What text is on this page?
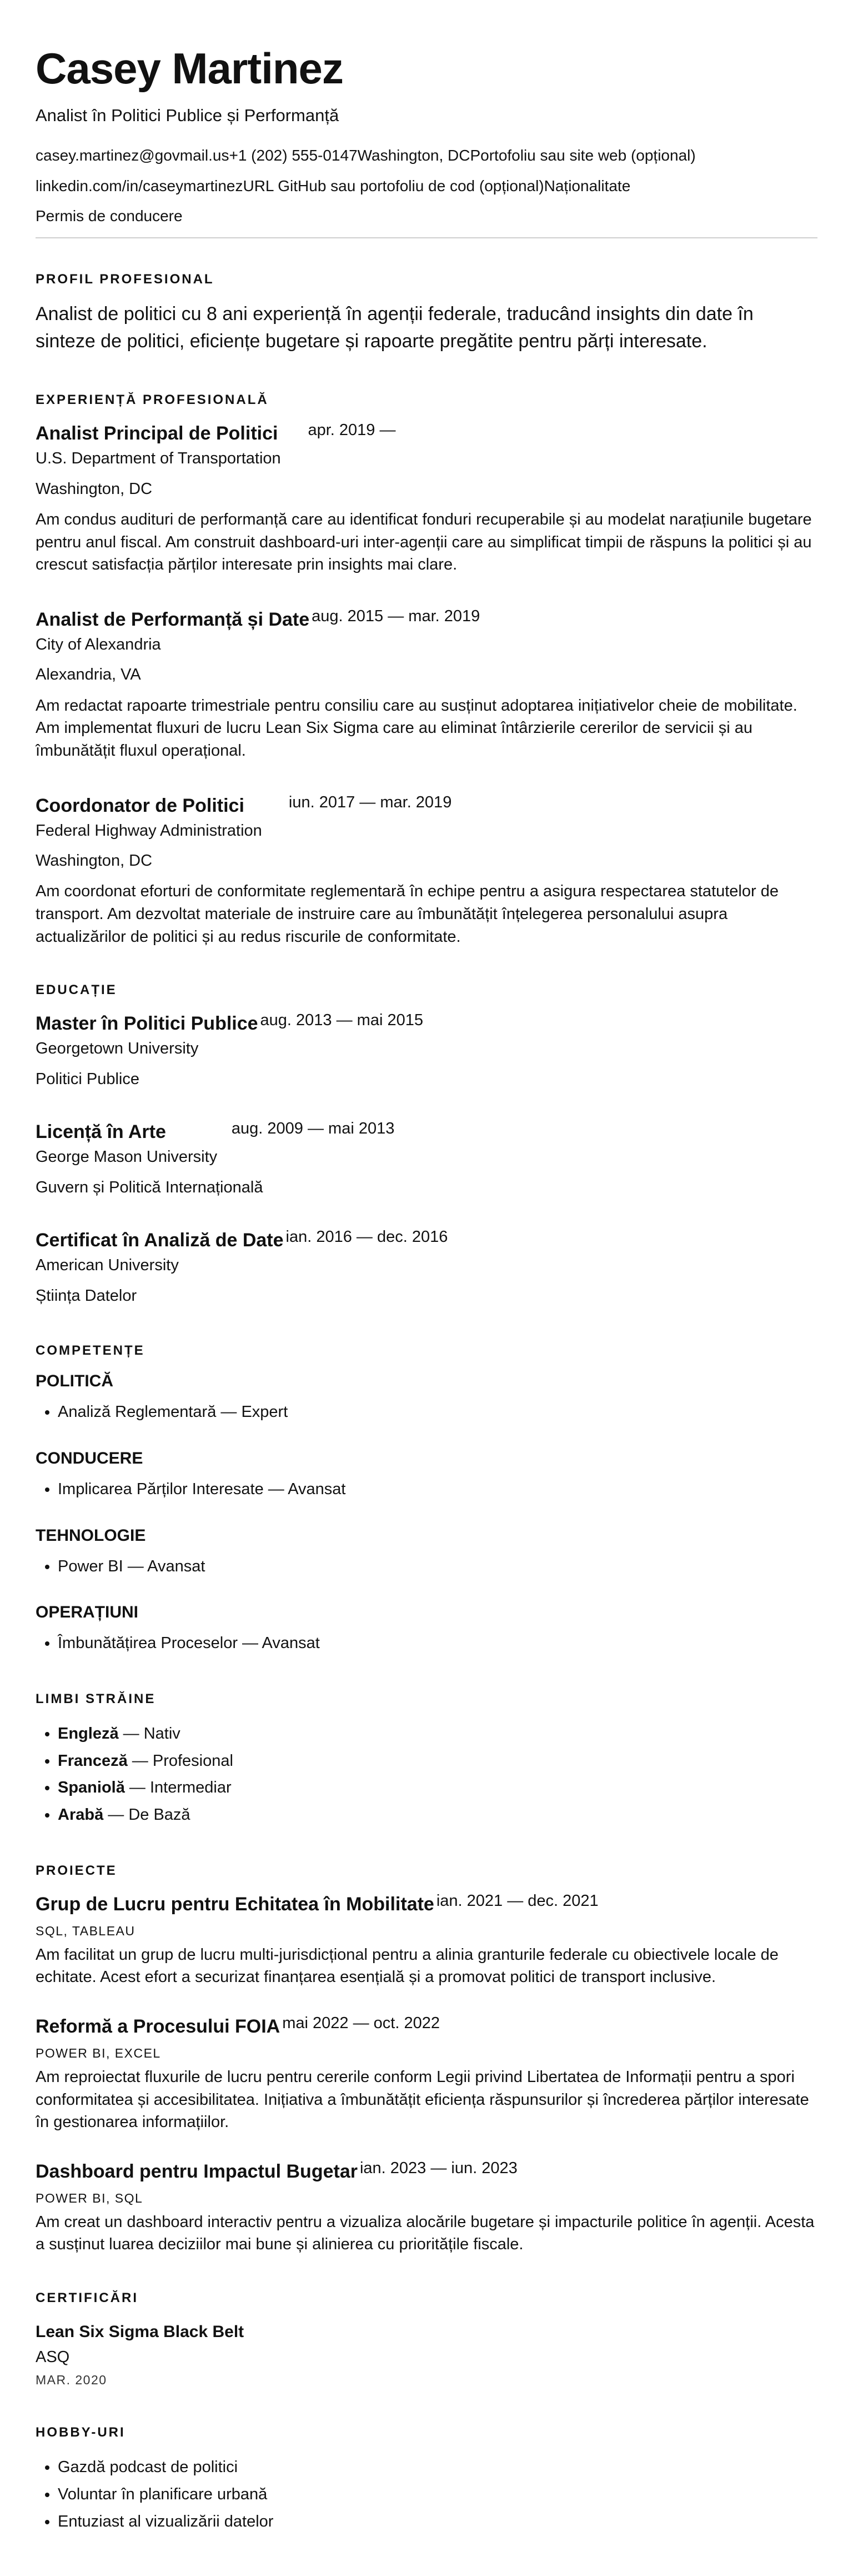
Casey Martinez
Analist în Politici Publice și Performanță
casey.martinez@govmail.us+1 (202) 555-0147Washington, DCPortofoliu sau site web (opțional)
linkedin.com/in/caseymartinezURL GitHub sau portofoliu de cod (opțional)Naționalitate
Permis de conducere
PROFIL PROFESIONAL
Analist de politici cu 8 ani experiență în agenții federale, traducând insights din date în sinteze de politici, eficiențe bugetare și rapoarte pregătite pentru părți interesate.
EXPERIENȚĂ PROFESIONALĂ
Analist Principal de Politici apr. 2019 —
U.S. Department of Transportation
Washington, DC
Am condus audituri de performanță care au identificat fonduri recuperabile și au modelat narațiunile bugetare pentru anul fiscal. Am construit dashboard-uri inter-agenții care au simplificat timpii de răspuns la politici și au crescut satisfacția părților interesate prin insights mai clare.
Analist de Performanță și Date aug. 2015 — mar. 2019
City of Alexandria
Alexandria, VA
Am redactat rapoarte trimestriale pentru consiliu care au susținut adoptarea inițiativelor cheie de mobilitate. Am implementat fluxuri de lucru Lean Six Sigma care au eliminat întârzierile cererilor de servicii și au îmbunătățit fluxul operațional.
Coordonator de Politici	iun. 2017 — mar. 2019
Federal Highway Administration
Washington, DC
Am coordonat eforturi de conformitate reglementară în echipe pentru a asigura respectarea statutelor de transport. Am dezvoltat materiale de instruire care au îmbunătățit înțelegerea personalului asupra actualizărilor de politici și au redus riscurile de conformitate.
EDUCAȚIE
Master în Politici Publice aug. 2013 — mai 2015
Georgetown University
Politici Publice
Licență în Arte	aug. 2009 — mai 2013
George Mason University
Guvern și Politică Internațională
Certificat în Analiză de Date ian. 2016 — dec. 2016
American University
Știința Datelor
COMPETENȚE
POLITICĂ
• Analiză Reglementară — Expert
CONDUCERE
• Implicarea Părților Interesate — Avansat
TEHNOLOGIE
• Power BI — Avansat
OPERAȚIUNI
• Îmbunătățirea Proceselor — Avansat
LIMBI STRĂINE
• Engleză — Nativ
• Franceză — Profesional
• Spaniolă — Intermediar
• Arabă — De Bază
PROIECTE
Grup de Lucru pentru Echitatea în Mobilitate ian. 2021 — dec. 2021
SQL, TABLEAU
Am facilitat un grup de lucru multi-jurisdicțional pentru a alinia granturile federale cu obiectivele locale de echitate. Acest efort a securizat finanțarea esențială și a promovat politici de transport inclusive.
Reformă a Procesului FOIA mai 2022 — oct. 2022
POWER BI, EXCEL
Am reproiectat fluxurile de lucru pentru cererile conform Legii privind Libertatea de Informații pentru a spori conformitatea și accesibilitatea. Inițiativa a îmbunătățit eficiența răspunsurilor și încrederea părților interesate în gestionarea informațiilor.
Dashboard pentru Impactul Bugetar ian. 2023 — iun. 2023
POWER BI, SQL
Am creat un dashboard interactiv pentru a vizualiza alocările bugetare și impacturile politice în agenții. Acesta a susținut luarea deciziilor mai bune și alinierea cu prioritățile fiscale.
CERTIFICĂRI
Lean Six Sigma Black Belt
ASQ
MAR. 2020
HOBBY-URI
• Gazdă podcast de politici
• Voluntar în planificare urbană
• Entuziast al vizualizării datelor
